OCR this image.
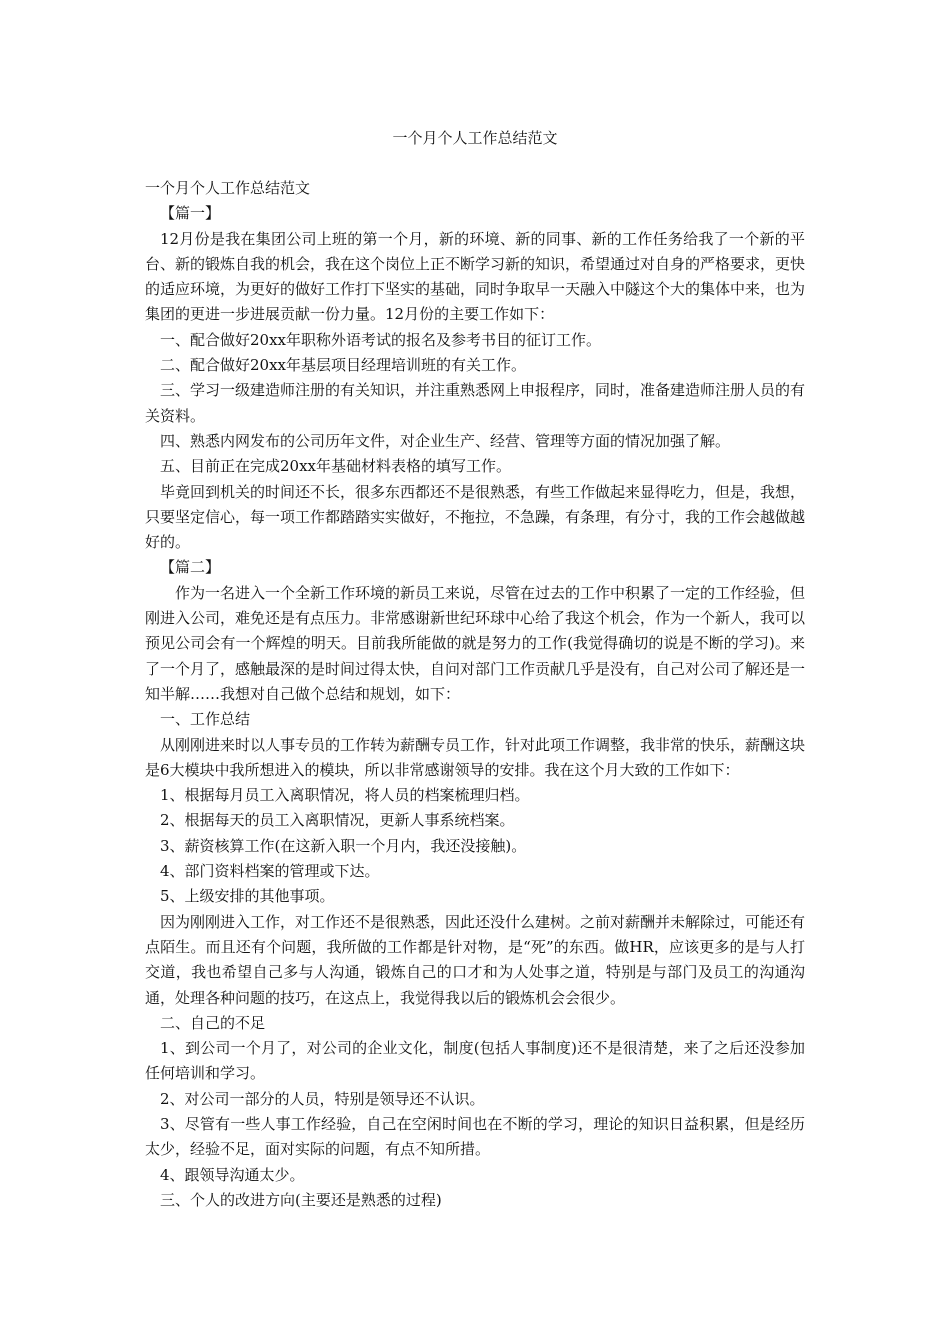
一个月个人工作总结范文

一个月个人工作总结范文

【篇一】

12月份是我在集团公司上班的第一个月，新的环境、新的同事、新的工作任务给我了一个新的平台、新的锻炼自我的机会，我在这个岗位上正不断学习新的知识，希望通过对自身的严格要求，更快的适应环境，为更好的做好工作打下坚实的基础，同时争取早一天融入中隧这个大的集体中来，也为集团的更进一步进展贡献一份力量。12月份的主要工作如下：

一、配合做好20xx年职称外语考试的报名及参考书目的征订工作。

二、配合做好20xx年基层项目经理培训班的有关工作。

三、学习一级建造师注册的有关知识，并注重熟悉网上申报程序，同时，准备建造师注册人员的有关资料。

四、熟悉内网发布的公司历年文件，对企业生产、经营、管理等方面的情况加强了解。

五、目前正在完成20xx年基础材料表格的填写工作。

毕竟回到机关的时间还不长，很多东西都还不是很熟悉，有些工作做起来显得吃力，但是，我想，只要坚定信心，每一项工作都踏踏实实做好，不拖拉，不急躁，有条理，有分寸，我的工作会越做越好的。

【篇二】

作为一名进入一个全新工作环境的新员工来说，尽管在过去的工作中积累了一定的工作经验，但刚进入公司，难免还是有点压力。非常感谢新世纪环球中心给了我这个机会，作为一个新人，我可以预见公司会有一个辉煌的明天。目前我所能做的就是努力的工作(我觉得确切的说是不断的学习)。来了一个月了，感触最深的是时间过得太快，自问对部门工作贡献几乎是没有，自己对公司了解还是一知半解……我想对自己做个总结和规划，如下：

一、工作总结

从刚刚进来时以人事专员的工作转为薪酬专员工作，针对此项工作调整，我非常的快乐，薪酬这块是6大模块中我所想进入的模块，所以非常感谢领导的安排。我在这个月大致的工作如下：

1、根据每月员工入离职情况，将人员的档案梳理归档。

2、根据每天的员工入离职情况，更新人事系统档案。

3、薪资核算工作(在这新入职一个月内，我还没接触)。

4、部门资料档案的管理或下达。

5、上级安排的其他事项。

因为刚刚进入工作，对工作还不是很熟悉，因此还没什么建树。之前对薪酬并未解除过，可能还有点陌生。而且还有个问题，我所做的工作都是针对物，是“死”的东西。做HR，应该更多的是与人打交道，我也希望自己多与人沟通，锻炼自己的口才和为人处事之道，特别是与部门及员工的沟通沟通，处理各种问题的技巧，在这点上，我觉得我以后的锻炼机会会很少。

二、自己的不足

1、到公司一个月了，对公司的企业文化，制度(包括人事制度)还不是很清楚，来了之后还没参加任何培训和学习。

2、对公司一部分的人员，特别是领导还不认识。

3、尽管有一些人事工作经验，自己在空闲时间也在不断的学习，理论的知识日益积累，但是经历太少，经验不足，面对实际的问题，有点不知所措。

4、跟领导沟通太少。

三、个人的改进方向(主要还是熟悉的过程)
